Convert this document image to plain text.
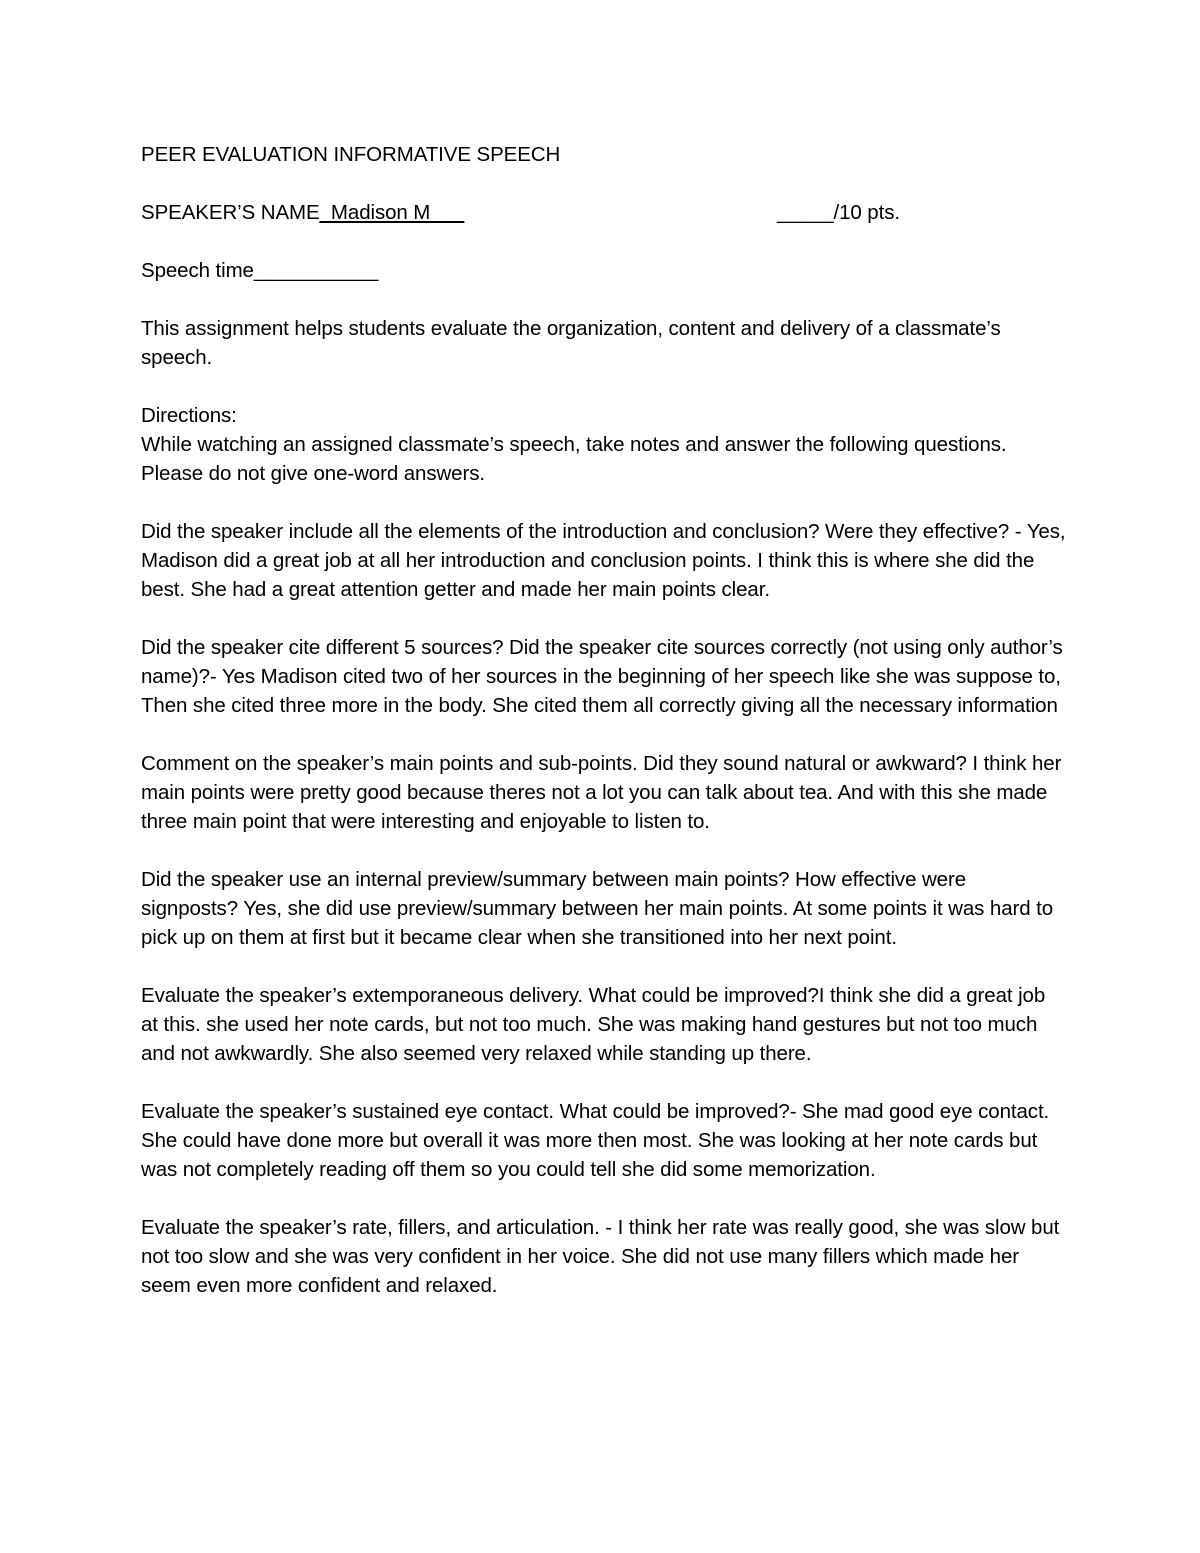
PEER EVALUATION INFORMATIVE SPEECH
SPEAKER’S NAME_Madison M___	_____/10 pts.
Speech time___________
This assignment helps students evaluate the organization, content and delivery of a classmate’s speech.
Directions:
While watching an assigned classmate’s speech, take notes and answer the following questions. Please do not give one-word answers.
Did the speaker include all the elements of the introduction and conclusion? Were they effective? - Yes, Madison did a great job at all her introduction and conclusion points. I think this is where she did the best. She had a great attention getter and made her main points clear.
Did the speaker cite different 5 sources? Did the speaker cite sources correctly (not using only author’s name)?- Yes Madison cited two of her sources in the beginning of her speech like she was suppose to, Then she cited three more in the body. She cited them all correctly giving all the necessary information
Comment on the speaker’s main points and sub-points. Did they sound natural or awkward? I think her main points were pretty good because theres not a lot you can talk about tea. And with this she made three main point that were interesting and enjoyable to listen to.
Did the speaker use an internal preview/summary between main points? How effective were signposts? Yes, she did use preview/summary between her main points. At some points it was hard to pick up on them at first but it became clear when she transitioned into her next point.
Evaluate the speaker’s extemporaneous delivery. What could be improved?I think she did a great job at this. she used her note cards, but not too much. She was making hand gestures but not too much and not awkwardly. She also seemed very relaxed while standing up there.
Evaluate the speaker’s sustained eye contact. What could be improved?- She mad good eye contact. She could have done more but overall it was more then most. She was looking at her note cards but was not completely reading off them so you could tell she did some memorization.
Evaluate the speaker’s rate, fillers, and articulation. - I think her rate was really good, she was slow but not too slow and she was very confident in her voice. She did not use many fillers which made her seem even more confident and relaxed.
